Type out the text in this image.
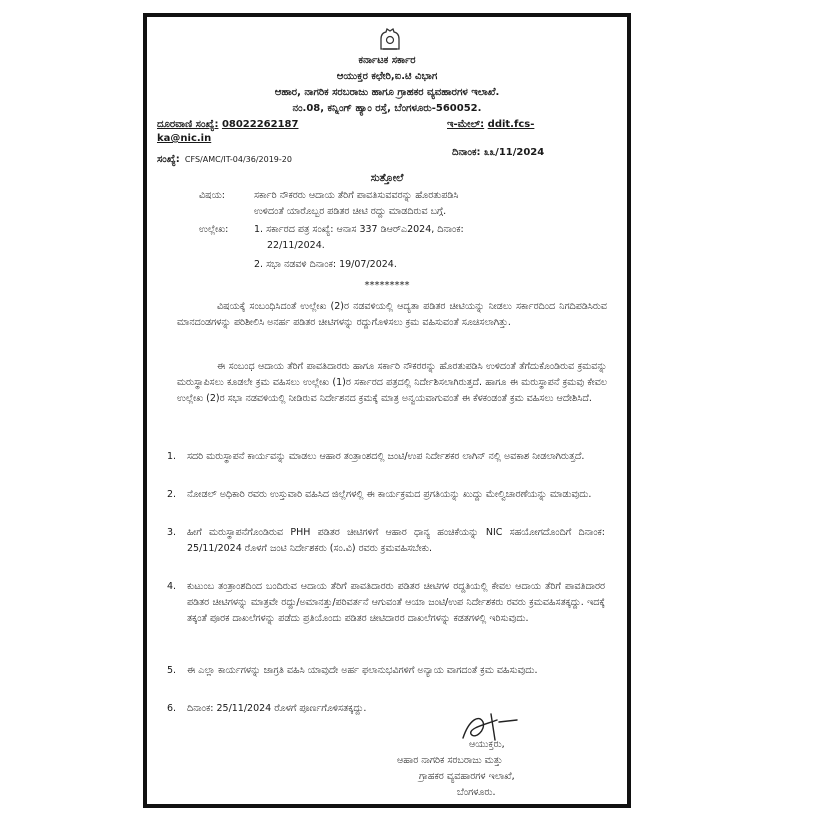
ಕರ್ನಾಟಕ ಸರ್ಕಾರ
ಆಯುಕ್ತರ ಕಛೇರಿ,ಐ.ಟಿ ವಿಭಾಗ
ಆಹಾರ, ನಾಗರಿಕ ಸರಬರಾಜು ಹಾಗೂ ಗ್ರಾಹಕರ ವ್ಯವಹಾರಗಳ ಇಲಾಖೆ.
ನಂ.08, ಕನ್ನಿಂಗ್ ಹ್ಯಾಂ ರಸ್ತೆ, ಬೆಂಗಳೂರು-560052.
ದೂರವಾಣಿ ಸಂಖ್ಯೆ: 08022262187	ಇ-ಮೇಲ್: ddit.fcs-
ka@nic.in
ಸಂಖ್ಯೆ: CFS/AMC/IT-04/36/2019-20
ದಿನಾಂಕ: ೩೩/11/2024
ಸುತ್ತೋಲೆ
ವಿಷಯ:	ಸರ್ಕಾರಿ ನೌಕರರು ಆದಾಯ ತೆರಿಗೆ ಪಾವತಿಸುವವರನ್ನು ಹೊರತುಪಡಿಸಿ
ಉಳಿದಂತೆ ಯಾರೊಬ್ಬರ ಪಡಿತರ ಚೀಟಿ ರದ್ದು ಮಾಡದಿರುವ ಬಗ್ಗೆ.
ಉಲ್ಲೇಖ:	1. ಸರ್ಕಾರದ ಪತ್ರ ಸಂಖ್ಯೆ: ಆನಾಸ 337 ಡಿಆರ್‌ಎ2024, ದಿನಾಂಕ:
22/11/2024.
2. ಸಭಾ ನಡವಳಿ ದಿನಾಂಕ: 19/07/2024.
*********
ವಿಷಯಕ್ಕೆ ಸಂಬಂಧಿಸಿದಂತೆ ಉಲ್ಲೇಖ (2)ರ ನಡವಳಿಯಲ್ಲಿ ಆದ್ಯತಾ ಪಡಿತರ ಚೀಟಿಯನ್ನು ನೀಡಲು ಸರ್ಕಾರದಿಂದ ನಿಗದಿಪಡಿಸಿರುವ ಮಾನದಂಡಗಳನ್ನು ಪರಿಶೀಲಿಸಿ ಅನರ್ಹ ಪಡಿತರ ಚೀಟಿಗಳನ್ನು ರದ್ದುಗೊಳಿಸಲು ಕ್ರಮ ವಹಿಸುವಂತೆ ಸೂಚಿಸಲಾಗಿತ್ತು.
ಈ ಸಂಬಂಧ ಆದಾಯ ತೆರಿಗೆ ಪಾವತಿದಾರರು ಹಾಗೂ ಸರ್ಕಾರಿ ನೌಕರರನ್ನು ಹೊರತುಪಡಿಸಿ ಉಳಿದಂತೆ ತೆಗೆದುಕೊಂಡಿರುವ ಕ್ರಮವನ್ನು ಮರುಸ್ಥಾಪಿಸಲು ಕೂಡಲೇ ಕ್ರಮ ವಹಿಸಲು ಉಲ್ಲೇಖ (1)ರ ಸರ್ಕಾರದ ಪತ್ರದಲ್ಲಿ ನಿರ್ದೇಶಿಸಲಾಗಿರುತ್ತದೆ. ಹಾಗೂ ಈ ಮರುಸ್ಥಾಪನೆ ಕ್ರಮವು ಕೇವಲ ಉಲ್ಲೇಖ (2)ರ ಸಭಾ ನಡವಳಿಯಲ್ಲಿ ನೀಡಿರುವ ನಿರ್ದೇಶನದ ಕ್ರಮಕ್ಕೆ ಮಾತ್ರ ಅನ್ವಯವಾಗುವಂತೆ ಈ ಕೆಳಕಂಡಂತೆ ಕ್ರಮ ವಹಿಸಲು ಆದೇಶಿಸಿದೆ.
1. ಸದರಿ ಮರುಸ್ಥಾಪನೆ ಕಾರ್ಯವನ್ನು ಮಾಡಲು ಆಹಾರ ತಂತ್ರಾಂಶದಲ್ಲಿ ಜಂಟಿ/ಉಪ ನಿರ್ದೇಶಕರ ಲಾಗಿನ್ ನಲ್ಲಿ ಅವಕಾಶ ನೀಡಲಾಗಿರುತ್ತದೆ.
2. ನೋಡಲ್ ಅಧಿಕಾರಿ ರವರು ಉಸ್ತುವಾರಿ ವಹಿಸಿದ ಜಿಲ್ಲೆಗಳಲ್ಲಿ ಈ ಕಾರ್ಯಕ್ರಮದ ಪ್ರಗತಿಯನ್ನು ಖುದ್ದು ಮೇಲ್ವಿಚಾರಣೆಯನ್ನು ಮಾಡುವುದು.
3. ಹೀಗೆ ಮರುಸ್ಥಾಪನೆಗೊಂಡಿರುವ PHH ಪಡಿತರ ಚೀಟಿಗಳಿಗೆ ಆಹಾರ ಧಾನ್ಯ ಹಂಚಿಕೆಯನ್ನು NIC ಸಹಯೋಗದೊಂದಿಗೆ ದಿನಾಂಕ: 25/11/2024 ರೊಳಗೆ ಜಂಟಿ ನಿರ್ದೇಶಕರು (ಸಂ.ವಿ) ರವರು ಕ್ರಮವಹಿಸಬೇಕು.
4. ಕುಟುಂಬ ತಂತ್ರಾಂಶದಿಂದ ಬಂದಿರುವ ಆದಾಯ ತೆರಿಗೆ ಪಾವತಿದಾರರು ಪಡಿತರ ಚೀಟಿಗಳ ರದ್ದತಿಯಲ್ಲಿ ಕೇವಲ ಆದಾಯ ತೆರಿಗೆ ಪಾವತಿದಾರರ ಪಡಿತರ ಚೀಟಿಗಳನ್ನು ಮಾತ್ರವೇ ರದ್ದು/ಅಮಾನತ್ತು/ಪರಿವರ್ತನೆ ಆಗುವಂತೆ ಆಯಾ ಜಂಟಿ/ಉಪ ನಿರ್ದೇಶಕರು ರವರು ಕ್ರಮವಹಿಸತಕ್ಕದ್ದು. ಇದಕ್ಕೆ ತಕ್ಕಂತೆ ಪೂರಕ ದಾಖಲೆಗಳನ್ನು ಪಡೆದು ಪ್ರತಿಯೊಂದು ಪಡಿತರ ಚೀಟಿದಾರರ ದಾಖಲೆಗಳನ್ನು ಕಡತಗಳಲ್ಲಿ ಇರಿಸುವುದು.
5. ಈ ಎಲ್ಲಾ ಕಾರ್ಯಗಳನ್ನು ಜಾಗ್ರತಿ ವಹಿಸಿ ಯಾವುದೇ ಅರ್ಹ ಫಲಾನುಭವಿಗಳಿಗೆ ಅನ್ಯಾಯ ವಾಗದಂತೆ ಕ್ರಮ ವಹಿಸುವುದು.
6. ದಿನಾಂಕ: 25/11/2024 ರೊಳಗೆ ಪೂರ್ಣಗೊಳಿಸತಕ್ಕದ್ದು.
ಆಯುಕ್ತರು,
ಆಹಾರ ನಾಗರಿಕ ಸರಬರಾಜು ಮತ್ತು
ಗ್ರಾಹಕರ ವ್ಯವಹಾರಗಳ ಇಲಾಖೆ,
ಬೆಂಗಳೂರು.
